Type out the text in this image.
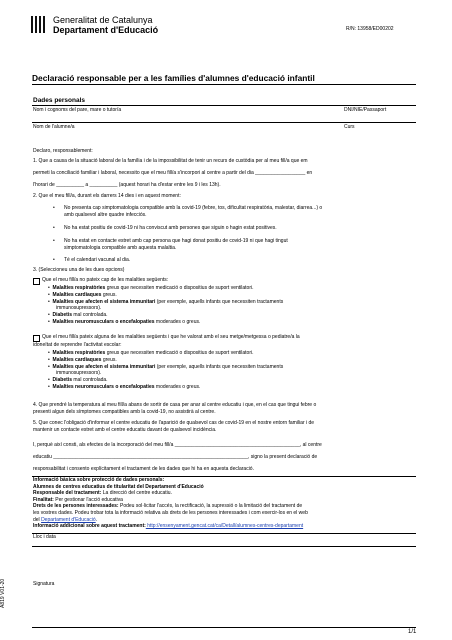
Generalitat de Catalunya
Departament d'Educació	R/N: 13958/ED00202
Declaració responsable per a les famílies d'alumnes d'educació infantil
Dades personals
Nom i cognoms del pare, mare o tutor/a	DNI/NIE/Passaport
Nom de l'alumne/a	Curs
Declaro, responsablement:
1. Que a causa de la situació laboral de la família i de la impossibilitat de tenir un recurs de custòdia per al meu fill/a que em
permeti la conciliació familiar i laboral, necessito que el meu fill/a s'incorpori al centre a partir del dia __________________ en
l'horari de __________ a __________ (aquest horari ha d'estar entre les 9 i les 13h).
2. Que el meu fill/a, durant els darrers 14 dies i en aquest moment:
• No presenta cap simptomatologia compatible amb la covid-19 (febre, tos, dificultat respiratòria, malestar, diarrea...) o
amb qualsevol altre quadre infecciós.
• No ha estat positiu de covid-19 ni ha conviscut amb persones que siguin o hagin estat positives.
• No ha estat en contacte estret amb cap persona que hagi donat positiu de covid-19 ni que hagi tingut
simptomatologia compatible amb aquesta malaltia.
• Té el calendari vacunal al dia.
3. (Seleccioneu una de les dues opcions)
Que el meu fill/a no pateix cap de les malalties següents:
•  Malalties respiratòries greus que necessiten medicació o dispositius de suport ventilatori.
•  Malalties cardíaques greus.
•  Malalties que afecten el sistema immunitari (per exemple, aquells infants que necessiten tractaments
immunosupressors).
•  Diabetis mal controlada.
•  Malalties neuromusculars o encefalopaties moderades o greus.
Que el meu fill/a pateix alguna de les malalties següents i que he valorat amb el seu metge/metgessa o pediatre/a la
idoneïtat de reprendre l'activitat escolar:
•  Malalties respiratòries greus que necessiten medicació o dispositius de suport ventilatori.
•  Malalties cardíaques greus.
•  Malalties que afecten el sistema immunitari (per exemple, aquells infants que necessiten tractaments
immunosupressors).
•  Diabetis mal controlada.
•  Malalties neuromusculars o encefalopaties moderades o greus.
4. Que prendré la temperatura al meu fill/a abans de sortir de casa per anar al centre educatiu i que, en el cas que tingui febre o
presenti algun dels símptomes compatibles amb la covid-19, no assistirà al centre.
5. Que conec l'obligació d'informar el centre educatiu de l'aparició de qualsevol cas de covid-19 en el nostre entorn familiar i de
mantenir un contacte estret amb el centre educatiu davant de qualsevol incidència.
I, perquè així consti, als efectes de la incorporació del meu fill/a _____________________________________________, al centre
educatiu ______________________________________________________________________, signo la present declaració de
responsabilitat i consento explícitament el tractament de les dades que hi ha en aquesta declaració.
Informació bàsica sobre protecció de dades personals:
Alumnes de centres educatius de titularitat del Departament d'Educació
Responsable del tractament: La direcció del centre educatiu.
Finalitat: Per gestionar l'acció educativa
Drets de les persones interessades: Podeu sol·licitar l'accés, la rectificació, la supressió o la limitació del tractament de
les vostres dades. Podeu trobar tota la informació relativa als drets de les persones interessades i com exercir-los en el web
del Departament d'Educació.
Informació addicional sobre aquest tractament: http://ensenyament.gencat.cat/ca/Detall/alumnes-centres-departament
Lloc i data
Signatura
A819 V01-20
1/1
